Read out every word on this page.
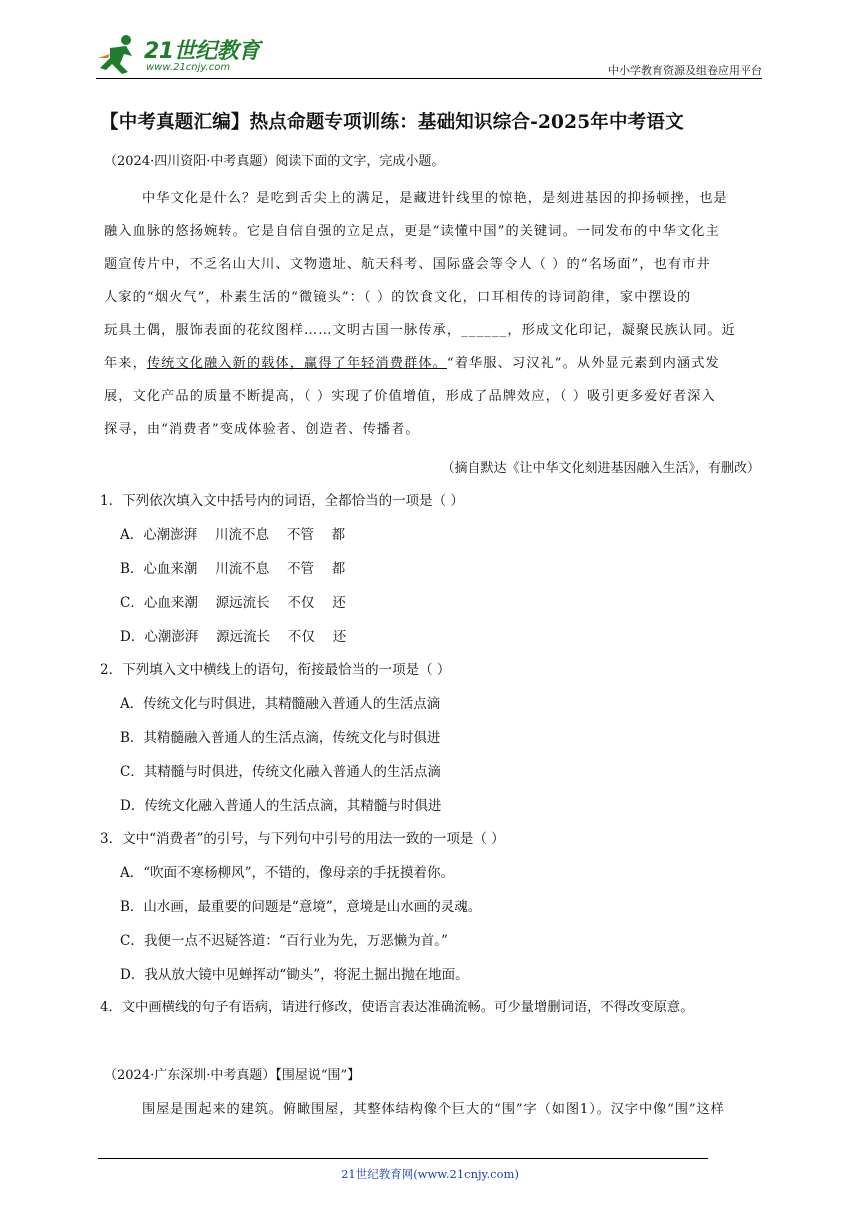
21世纪教育
www.21cnjy.com	中小学教育资源及组卷应用平台
【中考真题汇编】热点命题专项训练：基础知识综合-2025年中考语文
（2024·四川资阳·中考真题）阅读下面的文字，完成小题。
中华文化是什么？是吃到舌尖上的满足，是藏进针线里的惊艳，是刻进基因的抑扬顿挫，也是
融入血脉的悠扬婉转。它是自信自强的立足点，更是“读懂中国”的关键词。一同发布的中华文化主
题宣传片中，不乏名山大川、文物遗址、航天科考、国际盛会等令人（ ）的“名场面”，也有市井
人家的“烟火气”，朴素生活的“微镜头”：（ ）的饮食文化，口耳相传的诗词韵律，家中摆设的
玩具土偶，服饰表面的花纹图样……文明古国一脉传承，______，形成文化印记，凝聚民族认同。近
年来，传统文化融入新的载体，赢得了年轻消费群体。“着华服、习汉礼”。从外显元素到内涵式发
展，文化产品的质量不断提高，（ ）实现了价值增值，形成了品牌效应，（ ）吸引更多爱好者深入
探寻，由“消费者”变成体验者、创造者、传播者。
（摘自默达《让中华文化刻进基因融入生活》，有删改）
1．下列依次填入文中括号内的词语，全都恰当的一项是（ ）
A．心潮澎湃　 川流不息　 不管　 都
B．心血来潮　 川流不息　 不管　 都
C．心血来潮　 源远流长　 不仅　 还
D．心潮澎湃　 源远流长　 不仅　 还
2．下列填入文中横线上的语句，衔接最恰当的一项是（ ）
A．传统文化与时俱进，其精髓融入普通人的生活点滴
B．其精髓融入普通人的生活点滴，传统文化与时俱进
C．其精髓与时俱进，传统文化融入普通人的生活点滴
D．传统文化融入普通人的生活点滴，其精髓与时俱进
3．文中“消费者”的引号，与下列句中引号的用法一致的一项是（ ）
A．“吹面不寒杨柳风”，不错的，像母亲的手抚摸着你。
B．山水画，最重要的问题是“意境”，意境是山水画的灵魂。
C．我便一点不迟疑答道：“百行业为先，万恶懒为首。”
D．我从放大镜中见蝉挥动“锄头”，将泥土掘出抛在地面。
4．文中画横线的句子有语病，请进行修改，使语言表达准确流畅。可少量增删词语，不得改变原意。
（2024·广东深圳·中考真题）【围屋说“围”】
围屋是围起来的建筑。俯瞰围屋，其整体结构像个巨大的“围”字（如图1）。汉字中像“围”这样
21世纪教育网(www.21cnjy.com)
